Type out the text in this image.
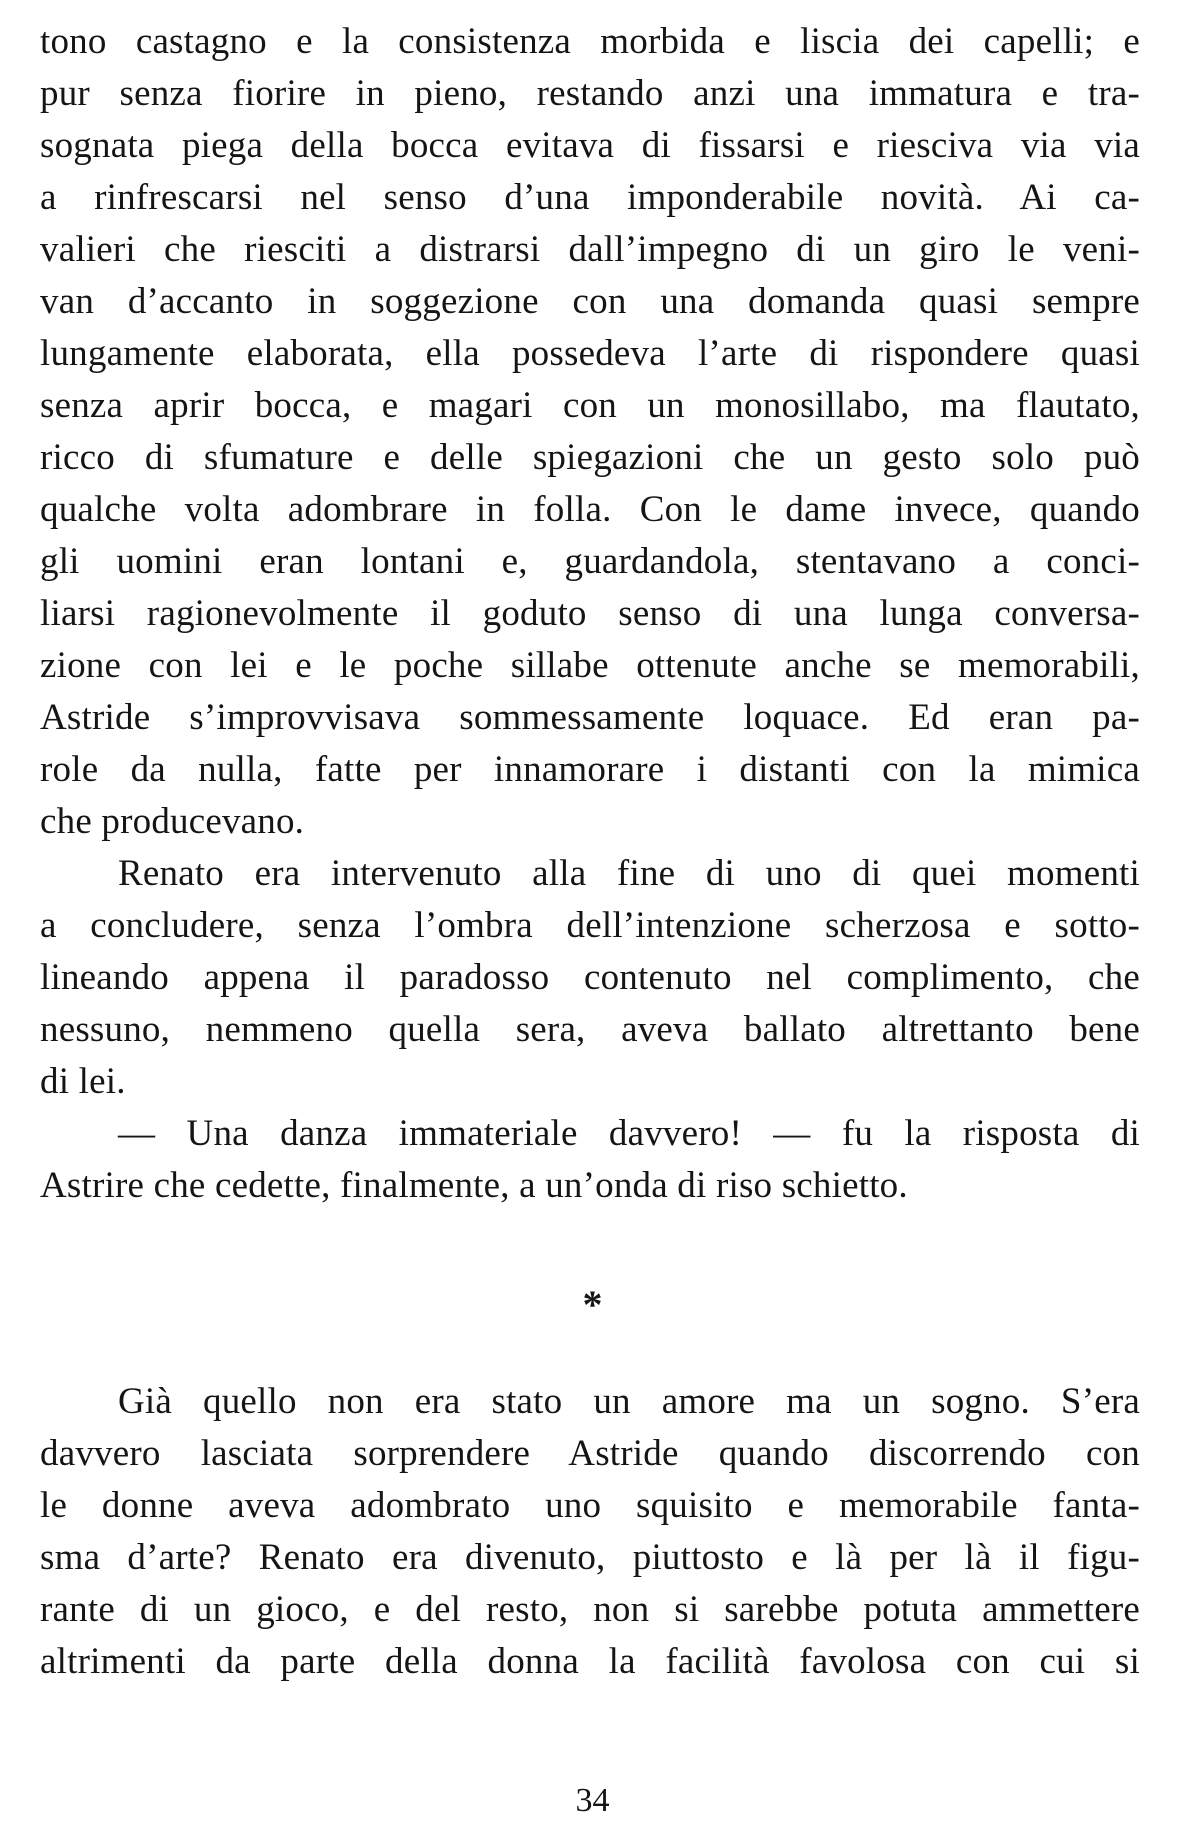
tono castagno e la consistenza morbida e liscia dei capelli; e
pur senza fiorire in pieno, restando anzi una immatura e tra-
sognata piega della bocca evitava di fissarsi e riesciva via via
a rinfrescarsi nel senso d’una imponderabile novità. Ai ca-
valieri che riesciti a distrarsi dall’impegno di un giro le veni-
van d’accanto in soggezione con una domanda quasi sempre
lungamente elaborata, ella possedeva l’arte di rispondere quasi
senza aprir bocca, e magari con un monosillabo, ma flautato,
ricco di sfumature e delle spiegazioni che un gesto solo può
qualche volta adombrare in folla. Con le dame invece, quando
gli uomini eran lontani e, guardandola, stentavano a conci-
liarsi ragionevolmente il goduto senso di una lunga conversa-
zione con lei e le poche sillabe ottenute anche se memorabili,
Astride s’improvvisava sommessamente loquace. Ed eran pa-
role da nulla, fatte per innamorare i distanti con la mimica
che producevano.
Renato era intervenuto alla fine di uno di quei momenti
a concludere, senza l’ombra dell’intenzione scherzosa e sotto-
lineando appena il paradosso contenuto nel complimento, che
nessuno, nemmeno quella sera, aveva ballato altrettanto bene
di lei.
— Una danza immateriale davvero! — fu la risposta di
Astrire che cedette, finalmente, a un’onda di riso schietto.
*
Già quello non era stato un amore ma un sogno. S’era
davvero lasciata sorprendere Astride quando discorrendo con
le donne aveva adombrato uno squisito e memorabile fanta-
sma d’arte? Renato era divenuto, piuttosto e là per là il figu-
rante di un gioco, e del resto, non si sarebbe potuta ammettere
altrimenti da parte della donna la facilità favolosa con cui si
34
